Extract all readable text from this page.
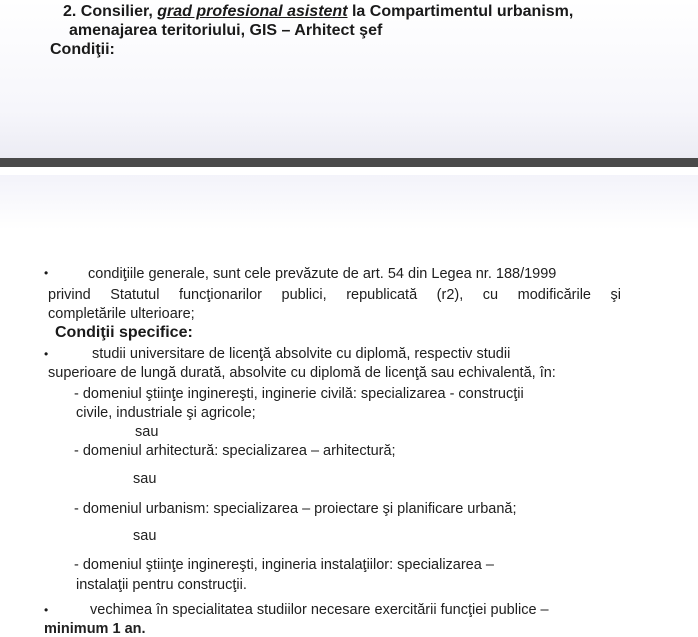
2. Consilier, grad profesional asistent la Compartimentul urbanism,
amenajarea teritoriului, GIS – Arhitect şef
Condiţii:
•	condiţiile generale, sunt cele prevăzute de art. 54 din Legea nr. 188/1999
privind Statutul funcţionarilor publici, republicată (r2), cu modificările şi
completările ulterioare;
Condiţii specifice:
•	studii universitare de licenţă absolvite cu diplomă, respectiv studii
superioare de lungă durată, absolvite cu diplomă de licenţă sau echivalentă, în:
- domeniul ştiinţe inginereşti, inginerie civilă: specializarea - construcţii
civile, industriale şi agricole;
sau
- domeniul arhitectură: specializarea – arhitectură;
sau
- domeniul urbanism: specializarea – proiectare şi planificare urbană;
sau
- domeniul ştiinţe inginereşti, ingineria instalaţiilor: specializarea –
instalaţii pentru construcţii.
•	vechimea în specialitatea studiilor necesare exercitării funcţiei publice –
minimum 1 an.
